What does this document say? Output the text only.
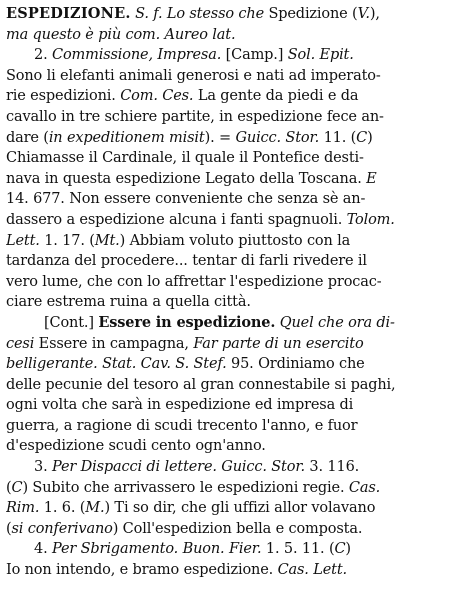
ESPEDIZIONE. S. f. Lo stesso che Spedizione (V.),
ma questo è più com. Aureo lat.
2. Commissione, Impresa. [Camp.] Sol. Epit.
Sono li elefanti animali generosi e nati ad imperato-
rie espedizioni. Com. Ces. La gente da piedi e da
cavallo in tre schiere partite, in espedizione fece an-
dare (in expeditionem misit). = Guicc. Stor. 11. (C)
Chiamasse il Cardinale, il quale il Pontefice desti-
nava in questa espedizione Legato della Toscana. E
14. 677. Non essere conveniente che senza sè an-
dassero a espedizione alcuna i fanti spagnuoli. Tolom.
Lett. 1. 17. (Mt.) Abbiam voluto piuttosto con la
tardanza del procedere... tentar di farli rivedere il
vero lume, che con lo affrettar l'espedizione procac-
ciare estrema ruina a quella città.
[Cont.] Essere in espedizione. Quel che ora di-
cesi Essere in campagna, Far parte di un esercito
belligerante. Stat. Cav. S. Stef. 95. Ordiniamo che
delle pecunie del tesoro al gran connestabile si paghi,
ogni volta che sarà in espedizione ed impresa di
guerra, a ragione di scudi trecento l'anno, e fuor
d'espedizione scudi cento ogn'anno.
3. Per Dispacci di lettere. Guicc. Stor. 3. 116.
(C) Subito che arrivassero le espedizioni regie. Cas.
Rim. 1. 6. (M.) Ti so dir, che gli uffizi allor volavano
(si conferivano) Coll'espedizion bella e composta.
4. Per Sbrigamento. Buon. Fier. 1. 5. 11. (C)
Io non intendo, e bramo espedizione. Cas. Lett.
